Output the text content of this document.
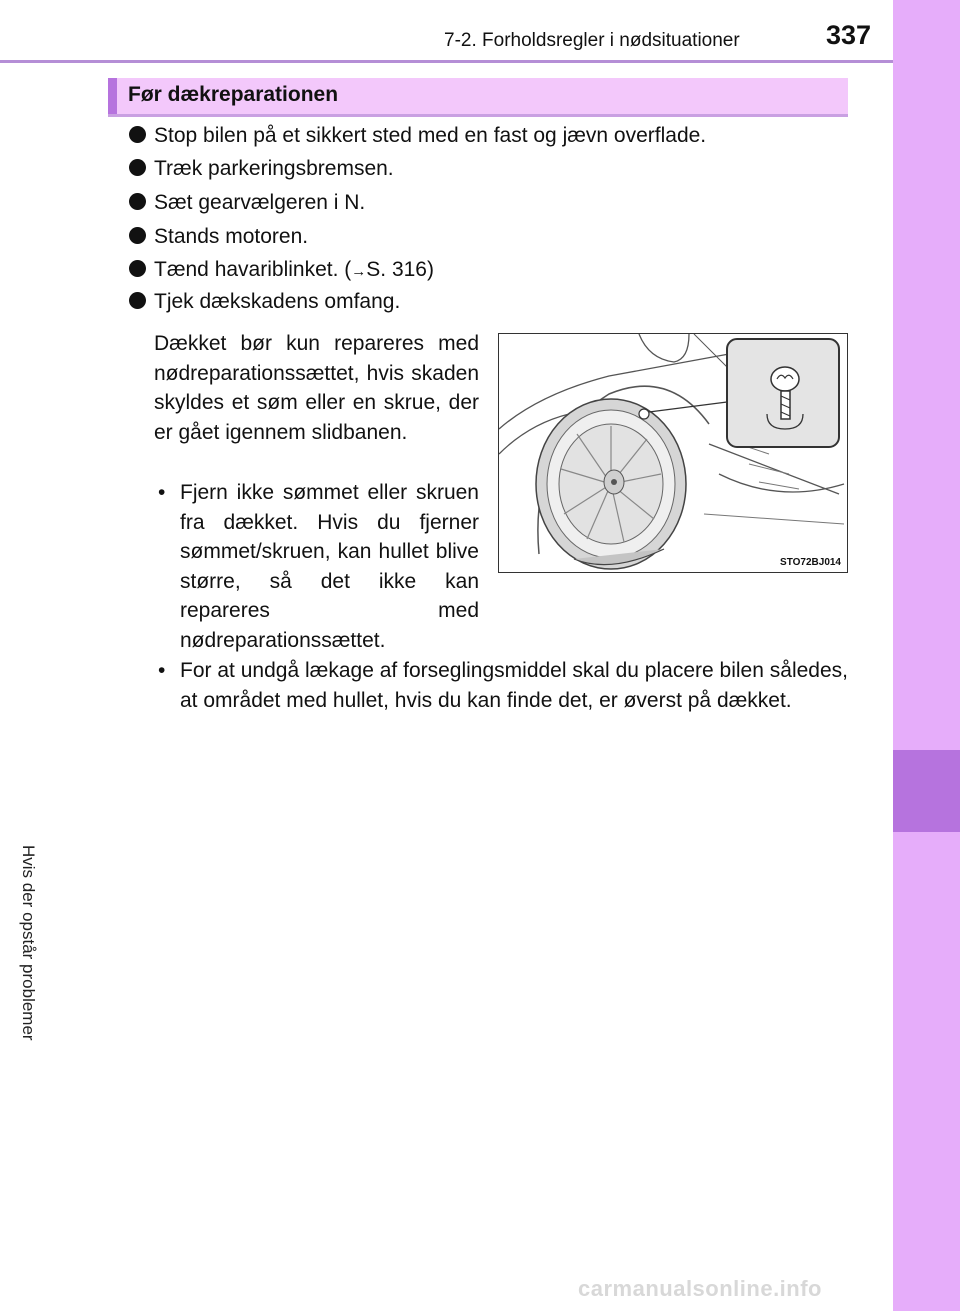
7-2. Forholdsregler i nødsituationer	337
7
Hvis der opstår problemer
Før dækreparationen
Stop bilen på et sikkert sted med en fast og jævn overflade.
Træk parkeringsbremsen.
Sæt gearvælgeren i N.
Stands motoren.
Tænd havariblinket. (→S. 316)
Tjek dækskadens omfang.
Dækket bør kun repareres med nødreparationssættet, hvis skaden skyldes et søm eller en skrue, der er gået igennem slidbanen.
• Fjern ikke sømmet eller skruen fra dækket. Hvis du fjerner sømmet/skruen, kan hullet blive større, så det ikke kan repareres med nødreparationssættet.
• For at undgå lækage af forseglingsmiddel skal du placere bilen således, at området med hullet, hvis du kan finde det, er øverst på dækket.
STO72BJ014
carmanualsonline.info
